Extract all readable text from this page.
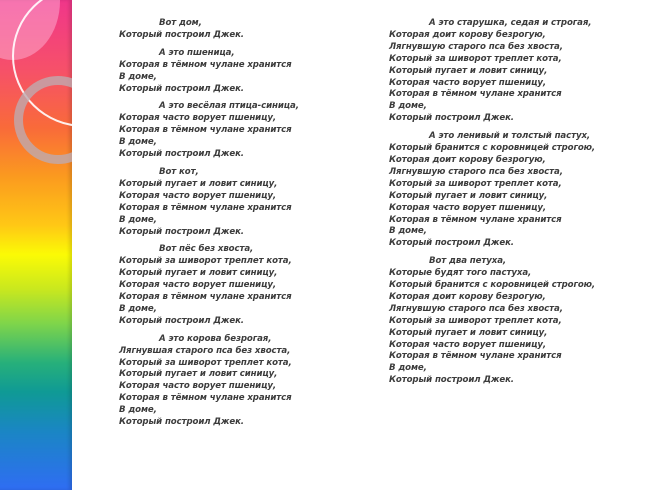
Вот дом,
Который построил Джек.
А это пшеница,
Которая в тёмном чулане хранится
В доме,
Который построил Джек.
А это весёлая птица-синица,
Которая часто ворует пшеницу,
Которая в тёмном чулане хранится
В доме,
Который построил Джек.
Вот кот,
Который пугает и ловит синицу,
Которая часто ворует пшеницу,
Которая в тёмном чулане хранится
В доме,
Который построил Джек.
Вот пёс без хвоста,
Который за шиворот треплет кота,
Который пугает и ловит синицу,
Которая часто ворует пшеницу,
Которая в тёмном чулане хранится
В доме,
Который построил Джек.
А это корова безрогая,
Лягнувшая старого пса без хвоста,
Который за шиворот треплет кота,
Который пугает и ловит синицу,
Которая часто ворует пшеницу,
Которая в тёмном чулане хранится
В доме,
Который построил Джек.
А это старушка, седая и строгая,
Которая доит корову безрогую,
Лягнувшую старого пса без хвоста,
Который за шиворот треплет кота,
Который пугает и ловит синицу,
Которая часто ворует пшеницу,
Которая в тёмном чулане хранится
В доме,
Который построил Джек.
А это ленивый и толстый пастух,
Который бранится с коровницей строгою,
Которая доит корову безрогую,
Лягнувшую старого пса без хвоста,
Который за шиворот треплет кота,
Который пугает и ловит синицу,
Которая часто ворует пшеницу,
Которая в тёмном чулане хранится
В доме,
Который построил Джек.
Вот два петуха,
Которые будят того пастуха,
Который бранится с коровницей строгою,
Которая доит корову безрогую,
Лягнувшую старого пса без хвоста,
Который за шиворот треплет кота,
Который пугает и ловит синицу,
Которая часто ворует пшеницу,
Которая в тёмном чулане хранится
В доме,
Который построил Джек.
